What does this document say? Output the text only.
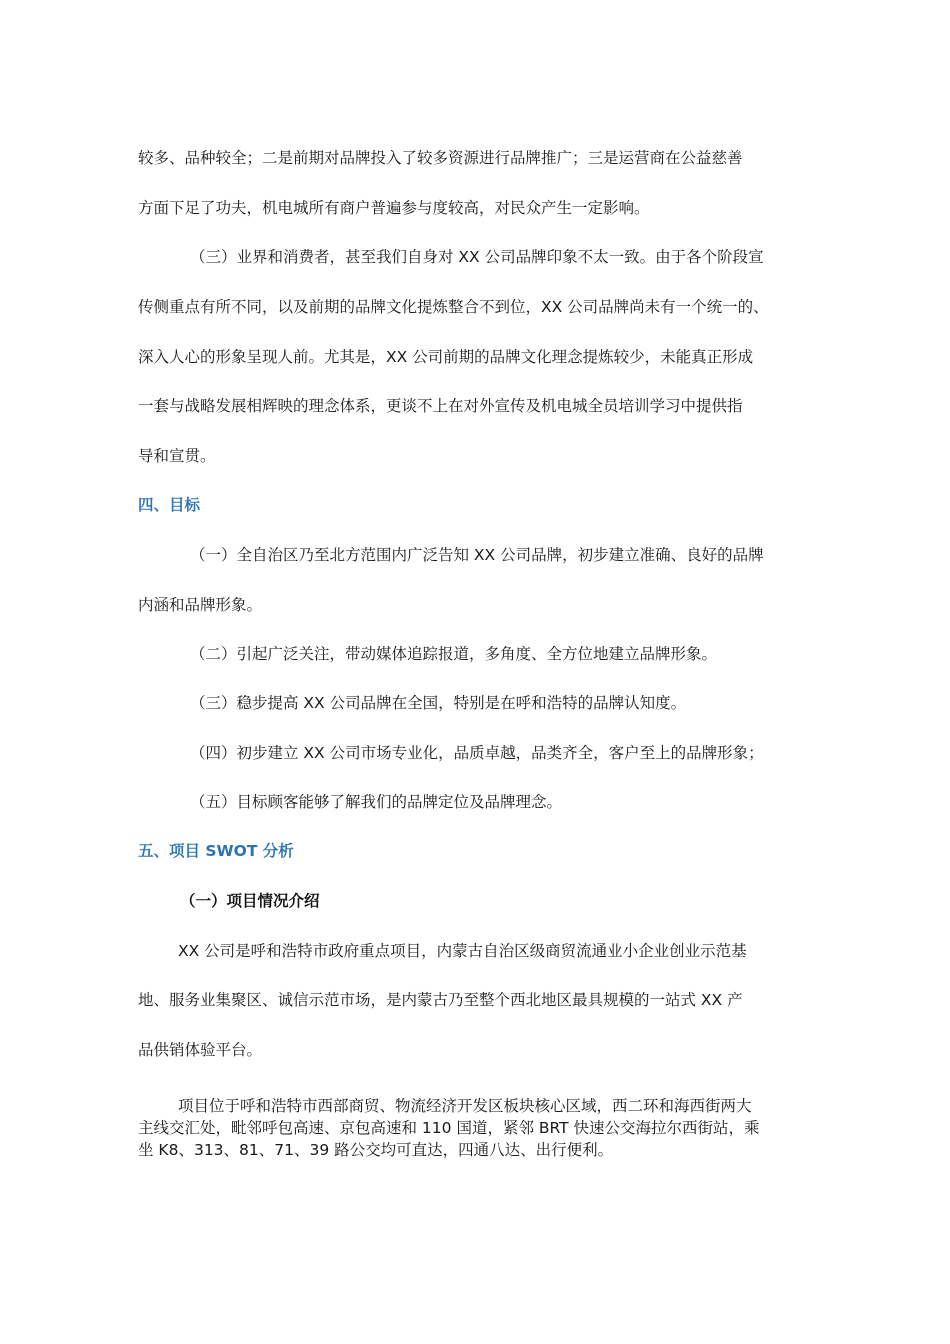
较多、品种较全；二是前期对品牌投入了较多资源进行品牌推广；三是运营商在公益慈善
方面下足了功夫，机电城所有商户普遍参与度较高，对民众产生一定影响。
（三）业界和消费者，甚至我们自身对 XX 公司品牌印象不太一致。由于各个阶段宣
传侧重点有所不同，以及前期的品牌文化提炼整合不到位，XX 公司品牌尚未有一个统一的、
深入人心的形象呈现人前。尤其是，XX 公司前期的品牌文化理念提炼较少，未能真正形成
一套与战略发展相辉映的理念体系，更谈不上在对外宣传及机电城全员培训学习中提供指
导和宣贯。
四、目标
（一）全自治区乃至北方范围内广泛告知 XX 公司品牌，初步建立准确、良好的品牌
内涵和品牌形象。
（二）引起广泛关注，带动媒体追踪报道，多角度、全方位地建立品牌形象。
（三）稳步提高 XX 公司品牌在全国，特别是在呼和浩特的品牌认知度。
（四）初步建立 XX 公司市场专业化，品质卓越，品类齐全，客户至上的品牌形象；
（五）目标顾客能够了解我们的品牌定位及品牌理念。
五、项目 SWOT 分析
（一）项目情况介绍
XX 公司是呼和浩特市政府重点项目，内蒙古自治区级商贸流通业小企业创业示范基
地、服务业集聚区、诚信示范市场，是内蒙古乃至整个西北地区最具规模的一站式 XX 产
品供销体验平台。
项目位于呼和浩特市西部商贸、物流经济开发区板块核心区域，西二环和海西街两大
主线交汇处，毗邻呼包高速、京包高速和 110 国道，紧邻 BRT 快速公交海拉尔西街站，乘
坐 K8、313、81、71、39 路公交均可直达，四通八达、出行便利。
